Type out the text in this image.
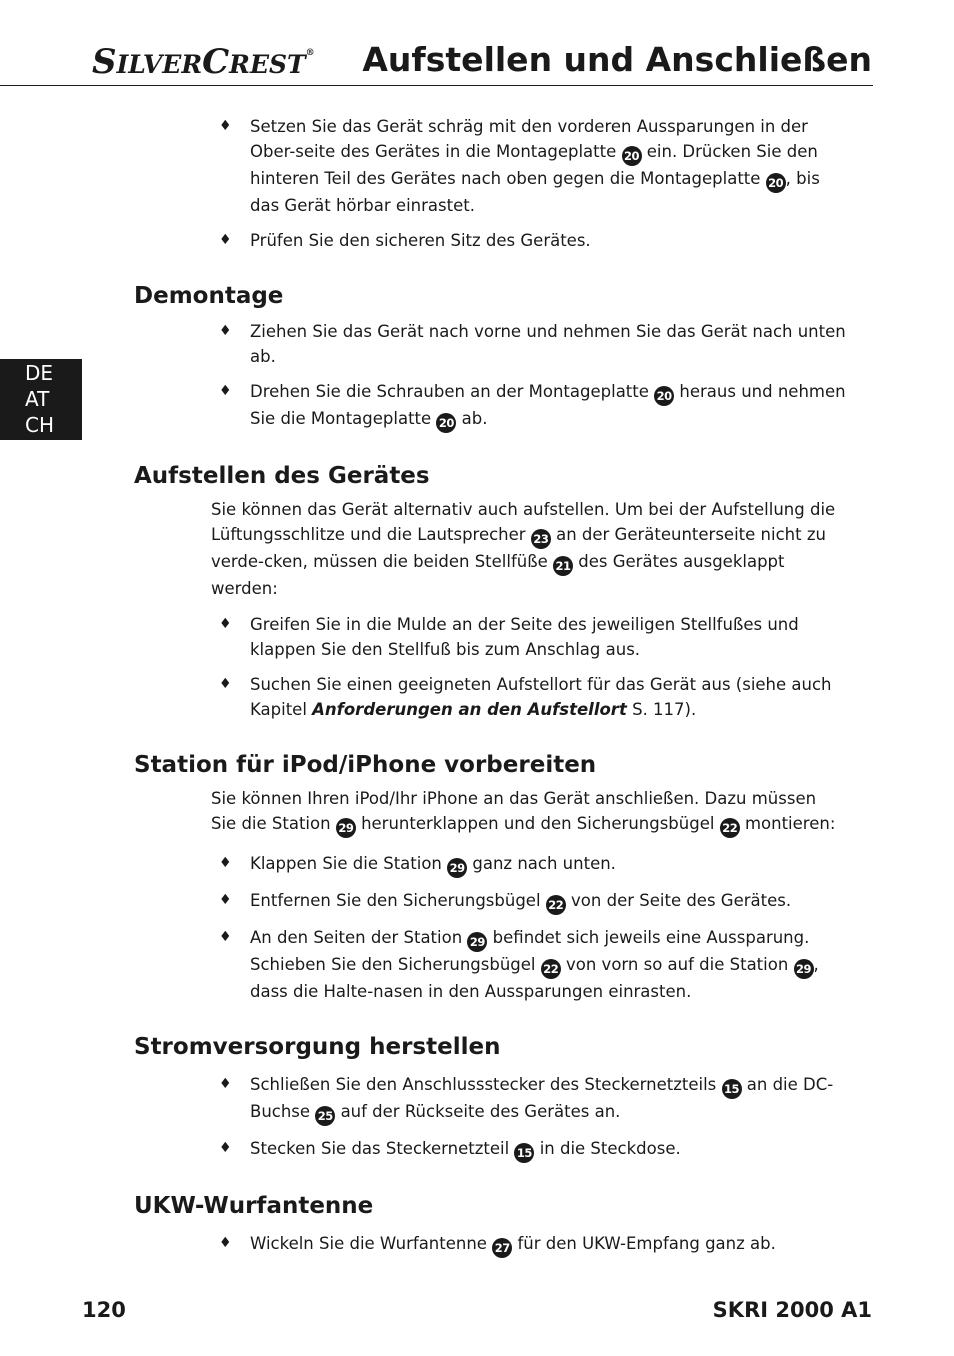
SILVERCREST® Aufstellen und Anschließen
DE
AT
CH
♦ Setzen Sie das Gerät schräg mit den vorderen Aussparungen in der Ober-seite des Gerätes in die Montageplatte 20 ein. Drücken Sie den hinteren Teil des Gerätes nach oben gegen die Montageplatte 20 , bis das Gerät hörbar einrastet.
♦ Prüfen Sie den sicheren Sitz des Gerätes.
Demontage
♦ Ziehen Sie das Gerät nach vorne und nehmen Sie das Gerät nach unten ab.
♦ Drehen Sie die Schrauben an der Montageplatte 20 heraus und nehmen Sie die Montageplatte 20 ab.
Aufstellen des Gerätes

Sie können das Gerät alternativ auch aufstellen. Um bei der Aufstellung die Lüftungsschlitze und die Lautsprecher 23 an der Geräteunterseite nicht zu verde-cken, müssen die beiden Stellfüße 21 des Gerätes ausgeklappt werden:

♦ Greifen Sie in die Mulde an der Seite des jeweiligen Stellfußes und klappen Sie den Stellfuß bis zum Anschlag aus.
♦ Suchen Sie einen geeigneten Aufstellort für das Gerät aus (siehe auch Kapitel Anforderungen an den Aufstellort S. 117).
Station für iPod/iPhone vorbereiten

Sie können Ihren iPod/Ihr iPhone an das Gerät anschließen. Dazu müssen Sie die Station 29 herunterklappen und den Sicherungsbügel 22 montieren:

♦ Klappen Sie die Station 29 ganz nach unten.
♦ Entfernen Sie den Sicherungsbügel 22 von der Seite des Gerätes.
♦ An den Seiten der Station 29 befindet sich jeweils eine Aussparung. Schieben Sie den Sicherungsbügel 22 von vorn so auf die Station 29 , dass die Halte-nasen in den Aussparungen einrasten.
Stromversorgung herstellen
♦ Schließen Sie den Anschlussstecker des Steckernetzteils 15 an die DC-Buchse 25 auf der Rückseite des Gerätes an.
♦ Stecken Sie das Steckernetzteil 15 in die Steckdose.
UKW-Wurfantenne
♦ Wickeln Sie die Wurfantenne 27 für den UKW-Empfang ganz ab.
120	SKRI 2000 A1
